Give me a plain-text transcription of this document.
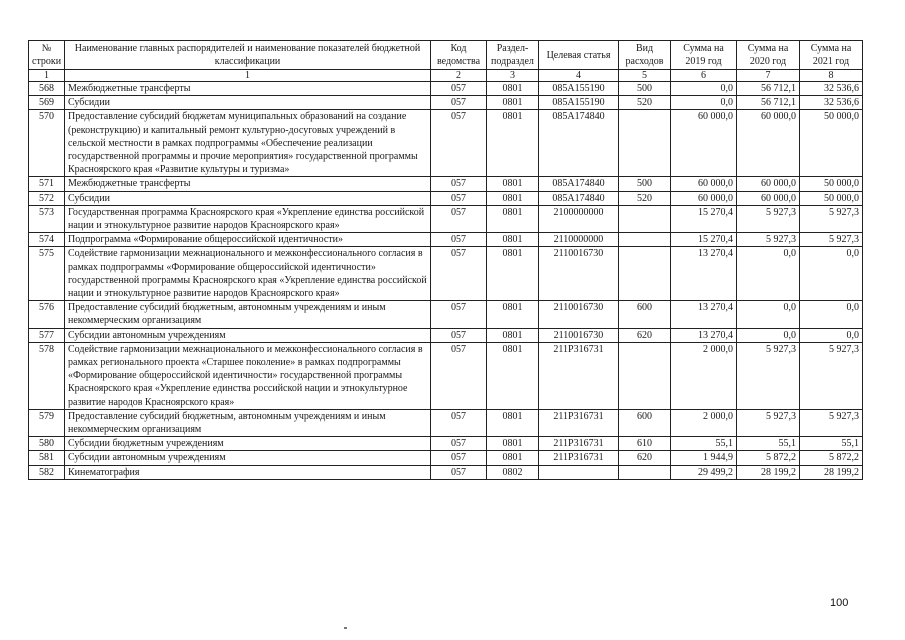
№ строки	Наименование главных распорядителей и наименование показателей бюджетной классификации	Код ведомства	Раздел-подраздел	Целевая статья	Вид расходов	Сумма на 2019 год	Сумма на 2020 год	Сумма на 2021 год
1	1	2	3	4	5	6	7	8
568	Межбюджетные трансферты	057	0801	085А155190	500	0,0	56 712,1	32 536,6
569	Субсидии	057	0801	085А155190	520	0,0	56 712,1	32 536,6
570	Предоставление субсидий бюджетам муниципальных образований на создание (реконструкцию) и капитальный ремонт культурно-досуговых учреждений в сельской местности в рамках подпрограммы «Обеспечение реализации государственной программы и прочие мероприятия» государственной программы Красноярского края «Развитие культуры и туризма»	057	0801	085А174840		60 000,0	60 000,0	50 000,0
571	Межбюджетные трансферты	057	0801	085А174840	500	60 000,0	60 000,0	50 000,0
572	Субсидии	057	0801	085А174840	520	60 000,0	60 000,0	50 000,0
573	Государственная программа Красноярского края «Укрепление единства российской нации и этнокультурное развитие народов Красноярского края»	057	0801	2100000000		15 270,4	5 927,3	5 927,3
574	Подпрограмма «Формирование общероссийской идентичности»	057	0801	2110000000		15 270,4	5 927,3	5 927,3
575	Содействие гармонизации межнационального и межконфессионального согласия в рамках подпрограммы «Формирование общероссийской идентичности» государственной программы Красноярского края «Укрепление единства российской нации и этнокультурное развитие народов Красноярского края»	057	0801	2110016730		13 270,4	0,0	0,0
576	Предоставление субсидий бюджетным, автономным учреждениям и иным некоммерческим организациям	057	0801	2110016730	600	13 270,4	0,0	0,0
577	Субсидии автономным учреждениям	057	0801	2110016730	620	13 270,4	0,0	0,0
578	Содействие гармонизации межнационального и межконфессионального согласия в рамках регионального проекта «Старшее поколение» в рамках подпрограммы «Формирование общероссийской идентичности» государственной программы Красноярского края «Укрепление единства российской нации и этнокультурное развитие народов Красноярского края»	057	0801	211P316731		2 000,0	5 927,3	5 927,3
579	Предоставление субсидий бюджетным, автономным учреждениям и иным некоммерческим организациям	057	0801	211P316731	600	2 000,0	5 927,3	5 927,3
580	Субсидии бюджетным учреждениям	057	0801	211P316731	610	55,1	55,1	55,1
581	Субсидии автономным учреждениям	057	0801	211P316731	620	1 944,9	5 872,2	5 872,2
582	Кинематография	057	0802			29 499,2	28 199,2	28 199,2
100
